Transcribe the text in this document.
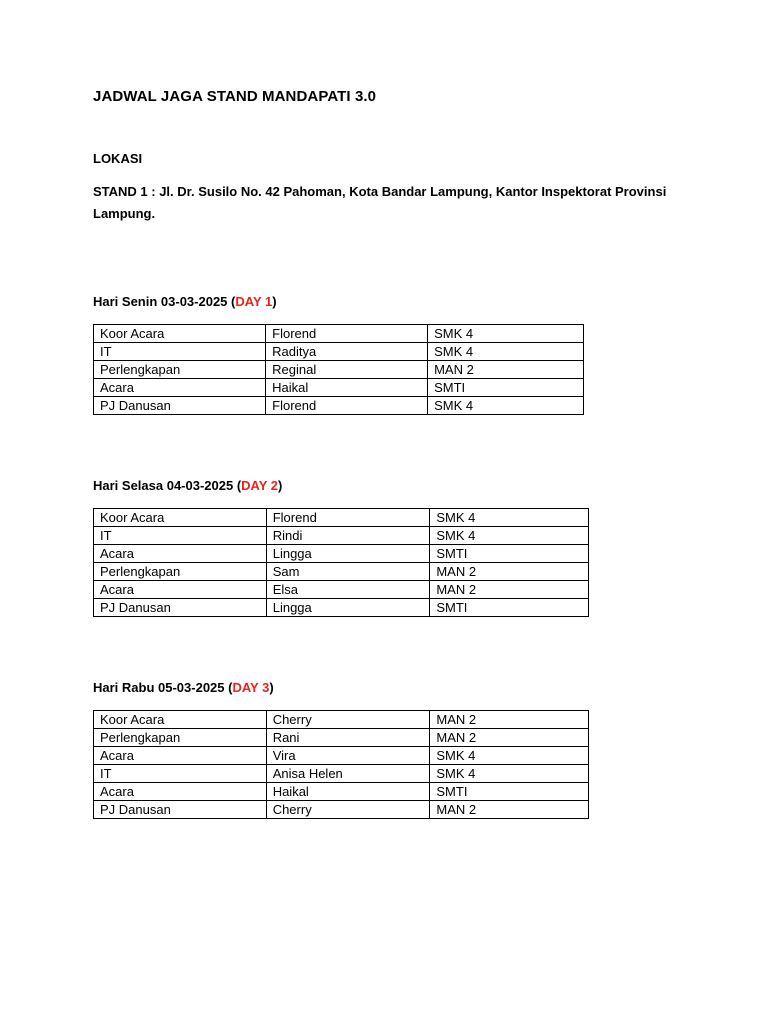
JADWAL JAGA STAND MANDAPATI 3.0
LOKASI
STAND 1 : Jl. Dr. Susilo No. 42 Pahoman, Kota Bandar Lampung, Kantor Inspektorat Provinsi Lampung.
Hari Senin 03-03-2025 (DAY 1)
Koor Acara	Florend	SMK 4
IT	Raditya	SMK 4
Perlengkapan	Reginal	MAN 2
Acara	Haikal	SMTI
PJ Danusan	Florend	SMK 4
Hari Selasa 04-03-2025 (DAY 2)
Koor Acara	Florend	SMK 4
IT	Rindi	SMK 4
Acara	Lingga	SMTI
Perlengkapan	Sam	MAN 2
Acara	Elsa	MAN 2
PJ Danusan	Lingga	SMTI
Hari Rabu 05-03-2025 (DAY 3)
Koor Acara	Cherry	MAN 2
Perlengkapan	Rani	MAN 2
Acara	Vira	SMK 4
IT	Anisa Helen	SMK 4
Acara	Haikal	SMTI
PJ Danusan	Cherry	MAN 2
